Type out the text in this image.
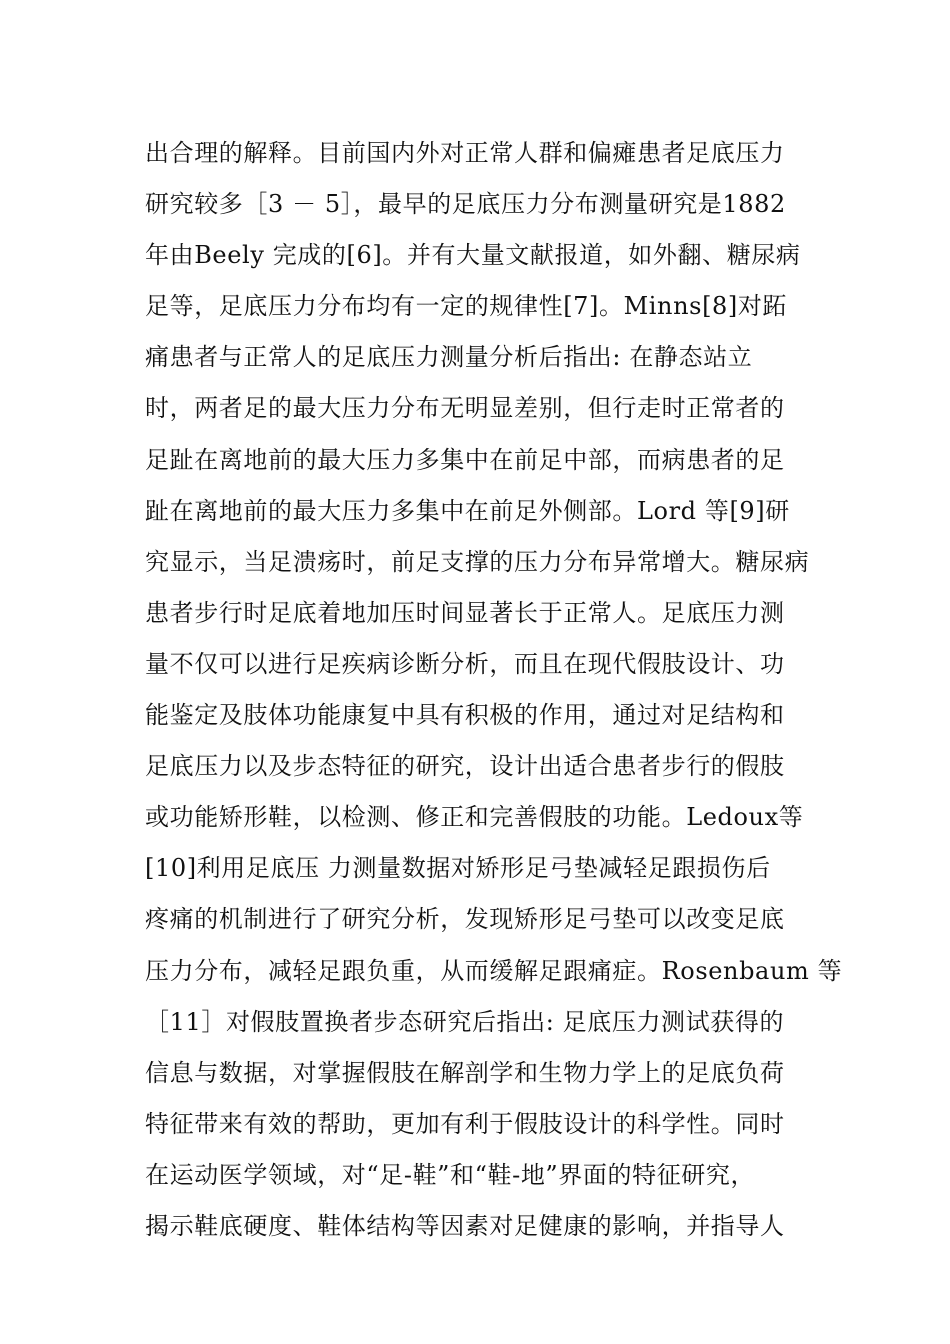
出合理的解释。目前国内外对正常人群和偏瘫患者足底压力
研究较多［3 － 5］，最早的足底压力分布测量研究是1882
年由Beely 完成的[6]。并有大量文献报道，如外翻、糖尿病
足等，足底压力分布均有一定的规律性[7]。Minns[8]对跖
痛患者与正常人的足底压力测量分析后指出: 在静态站立
时，两者足的最大压力分布无明显差别，但行走时正常者的
足趾在离地前的最大压力多集中在前足中部，而病患者的足
趾在离地前的最大压力多集中在前足外侧部。Lord 等[9]研
究显示，当足溃疡时，前足支撑的压力分布异常增大。糖尿病
患者步行时足底着地加压时间显著长于正常人。足底压力测
量不仅可以进行足疾病诊断分析，而且在现代假肢设计、功
能鉴定及肢体功能康复中具有积极的作用，通过对足结构和
足底压力以及步态特征的研究，设计出适合患者步行的假肢
或功能矫形鞋，以检测、修正和完善假肢的功能。Ledoux等
[10]利用足底压 力测量数据对矫形足弓垫减轻足跟损伤后
疼痛的机制进行了研究分析，发现矫形足弓垫可以改变足底
压力分布，减轻足跟负重，从而缓解足跟痛症。Rosenbaum 等
［11］对假肢置换者步态研究后指出: 足底压力测试获得的
信息与数据，对掌握假肢在解剖学和生物力学上的足底负荷
特征带来有效的帮助，更加有利于假肢设计的科学性。同时
在运动医学领域，对“足-鞋”和“鞋-地”界面的特征研究，
揭示鞋底硬度、鞋体结构等因素对足健康的影响，并指导人
